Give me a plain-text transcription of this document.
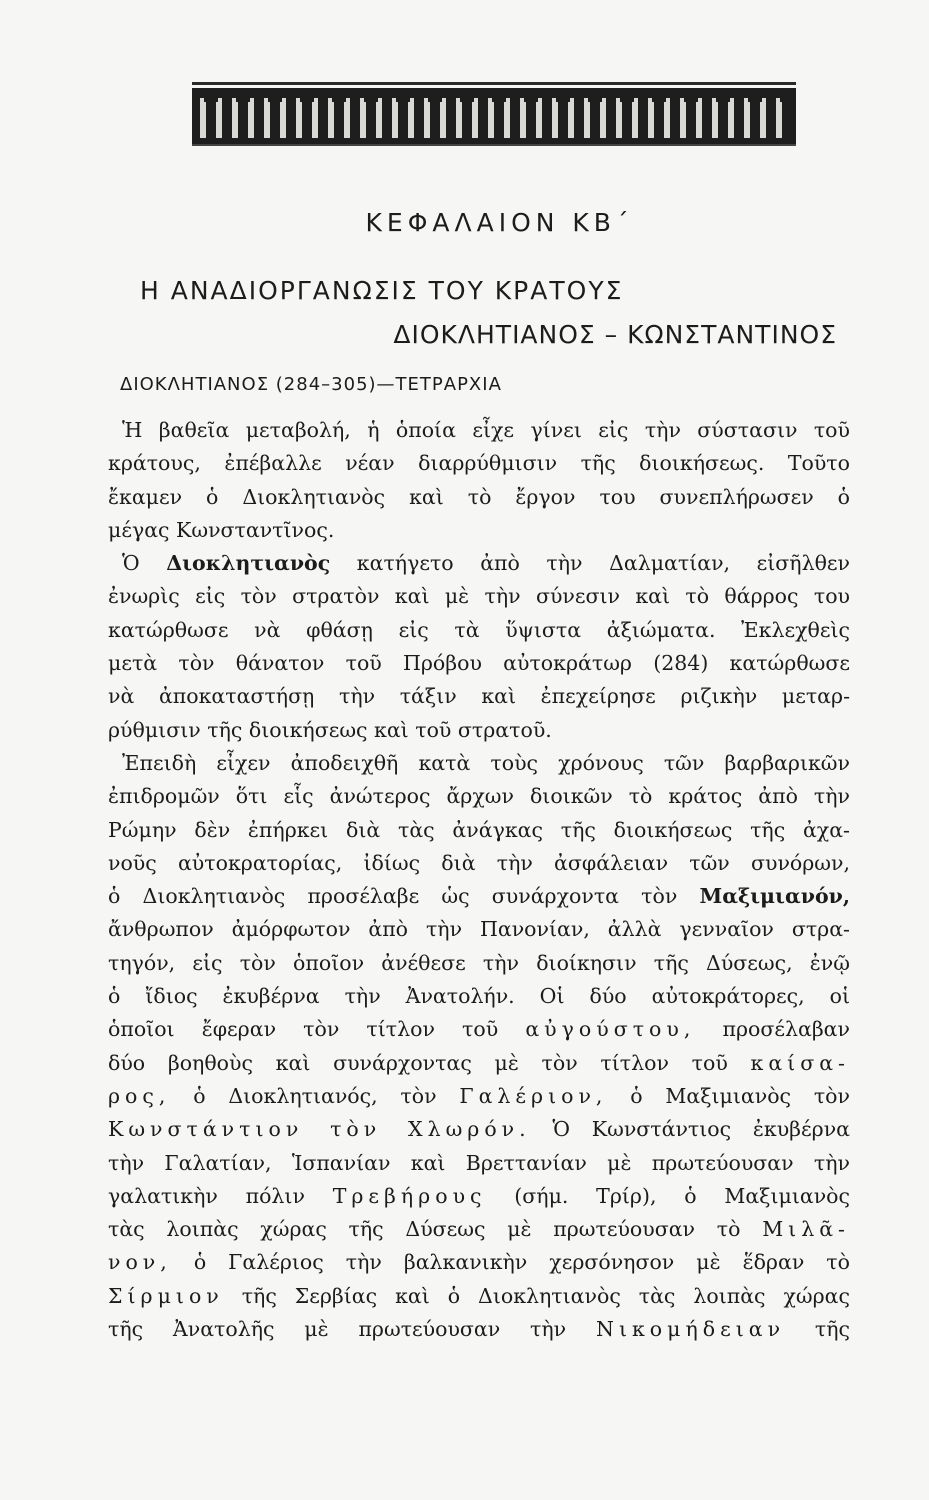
ΚΕΦΑΛΑΙΟΝ ΚΒ΄
Η ΑΝΑΔΙΟΡΓΑΝΩΣΙΣ ΤΟΥ ΚΡΑΤΟΥΣ
ΔΙΟΚΛΗΤΙΑΝΟΣ – ΚΩΝΣΤΑΝΤΙΝΟΣ
ΔΙΟΚΛΗΤΙΑΝΟΣ (284–305)—ΤΕΤΡΑΡΧΙΑ

Ἡ βαθεῖα μεταβολή, ἡ ὁποία εἶχε γίνει εἰς τὴν σύστασιν τοῦ
κράτους, ἐπέβαλλε νέαν διαρρύθμισιν τῆς διοικήσεως. Τοῦτο
ἔκαμεν ὁ Διοκλητιανὸς καὶ τὸ ἔργον του συνεπλήρωσεν ὁ
μέγας Κωνσταντῖνος.

Ὁ Διοκλητιανὸς κατήγετο ἀπὸ τὴν Δαλματίαν, εἰσῆλθεν
ἐνωρὶς εἰς τὸν στρατὸν καὶ μὲ τὴν σύνεσιν καὶ τὸ θάρρος του
κατώρθωσε νὰ φθάσῃ εἰς τὰ ὕψιστα ἀξιώματα. Ἐκλεχθεὶς
μετὰ τὸν θάνατον τοῦ Πρόβου αὐτοκράτωρ (284) κατώρθωσε
νὰ ἀποκαταστήσῃ τὴν τάξιν καὶ ἐπεχείρησε ριζικὴν μεταρ-
ρύθμισιν τῆς διοικήσεως καὶ τοῦ στρατοῦ.

Ἐπειδὴ εἶχεν ἀποδειχθῆ κατὰ τοὺς χρόνους τῶν βαρβαρικῶν
ἐπιδρομῶν ὅτι εἷς ἀνώτερος ἄρχων διοικῶν τὸ κράτος ἀπὸ τὴν
Ρώμην δὲν ἐπήρκει διὰ τὰς ἀνάγκας τῆς διοικήσεως τῆς ἀχα-
νοῦς αὐτοκρατορίας, ἰδίως διὰ τὴν ἀσφάλειαν τῶν συνόρων,
ὁ Διοκλητιανὸς προσέλαβε ὡς συνάρχοντα τὸν Μαξιμιανόν,
ἄνθρωπον ἀμόρφωτον ἀπὸ τὴν Πανονίαν, ἀλλὰ γενναῖον στρα-
τηγόν, εἰς τὸν ὁποῖον ἀνέθεσε τὴν διοίκησιν τῆς Δύσεως, ἐνῷ
ὁ ἴδιος ἐκυβέρνα τὴν Ἀνατολήν. Οἱ δύο αὐτοκράτορες, οἱ
ὁποῖοι ἔφεραν τὸν τίτλον τοῦ αὐγούστου, προσέλαβαν
δύο βοηθοὺς καὶ συνάρχοντας μὲ τὸν τίτλον τοῦ καίσα-
ρος, ὁ Διοκλητιανός, τὸν Γαλέριον, ὁ Μαξιμιανὸς τὸν
Κωνστάντιον τὸν Χλωρόν. Ὁ Κωνστάντιος ἐκυβέρνα
τὴν Γαλατίαν, Ἱσπανίαν καὶ Βρεττανίαν μὲ πρωτεύουσαν τὴν
γαλατικὴν πόλιν Τρεβήρους (σήμ. Τρίρ), ὁ Μαξιμιανὸς
τὰς λοιπὰς χώρας τῆς Δύσεως μὲ πρωτεύουσαν τὸ Μιλᾶ-
νον, ὁ Γαλέριος τὴν βαλκανικὴν χερσόνησον μὲ ἕδραν τὸ
Σίρμιον τῆς Σερβίας καὶ ὁ Διοκλητιανὸς τὰς λοιπὰς χώρας
τῆς Ἀνατολῆς μὲ πρωτεύουσαν τὴν Νικομήδειαν τῆς
